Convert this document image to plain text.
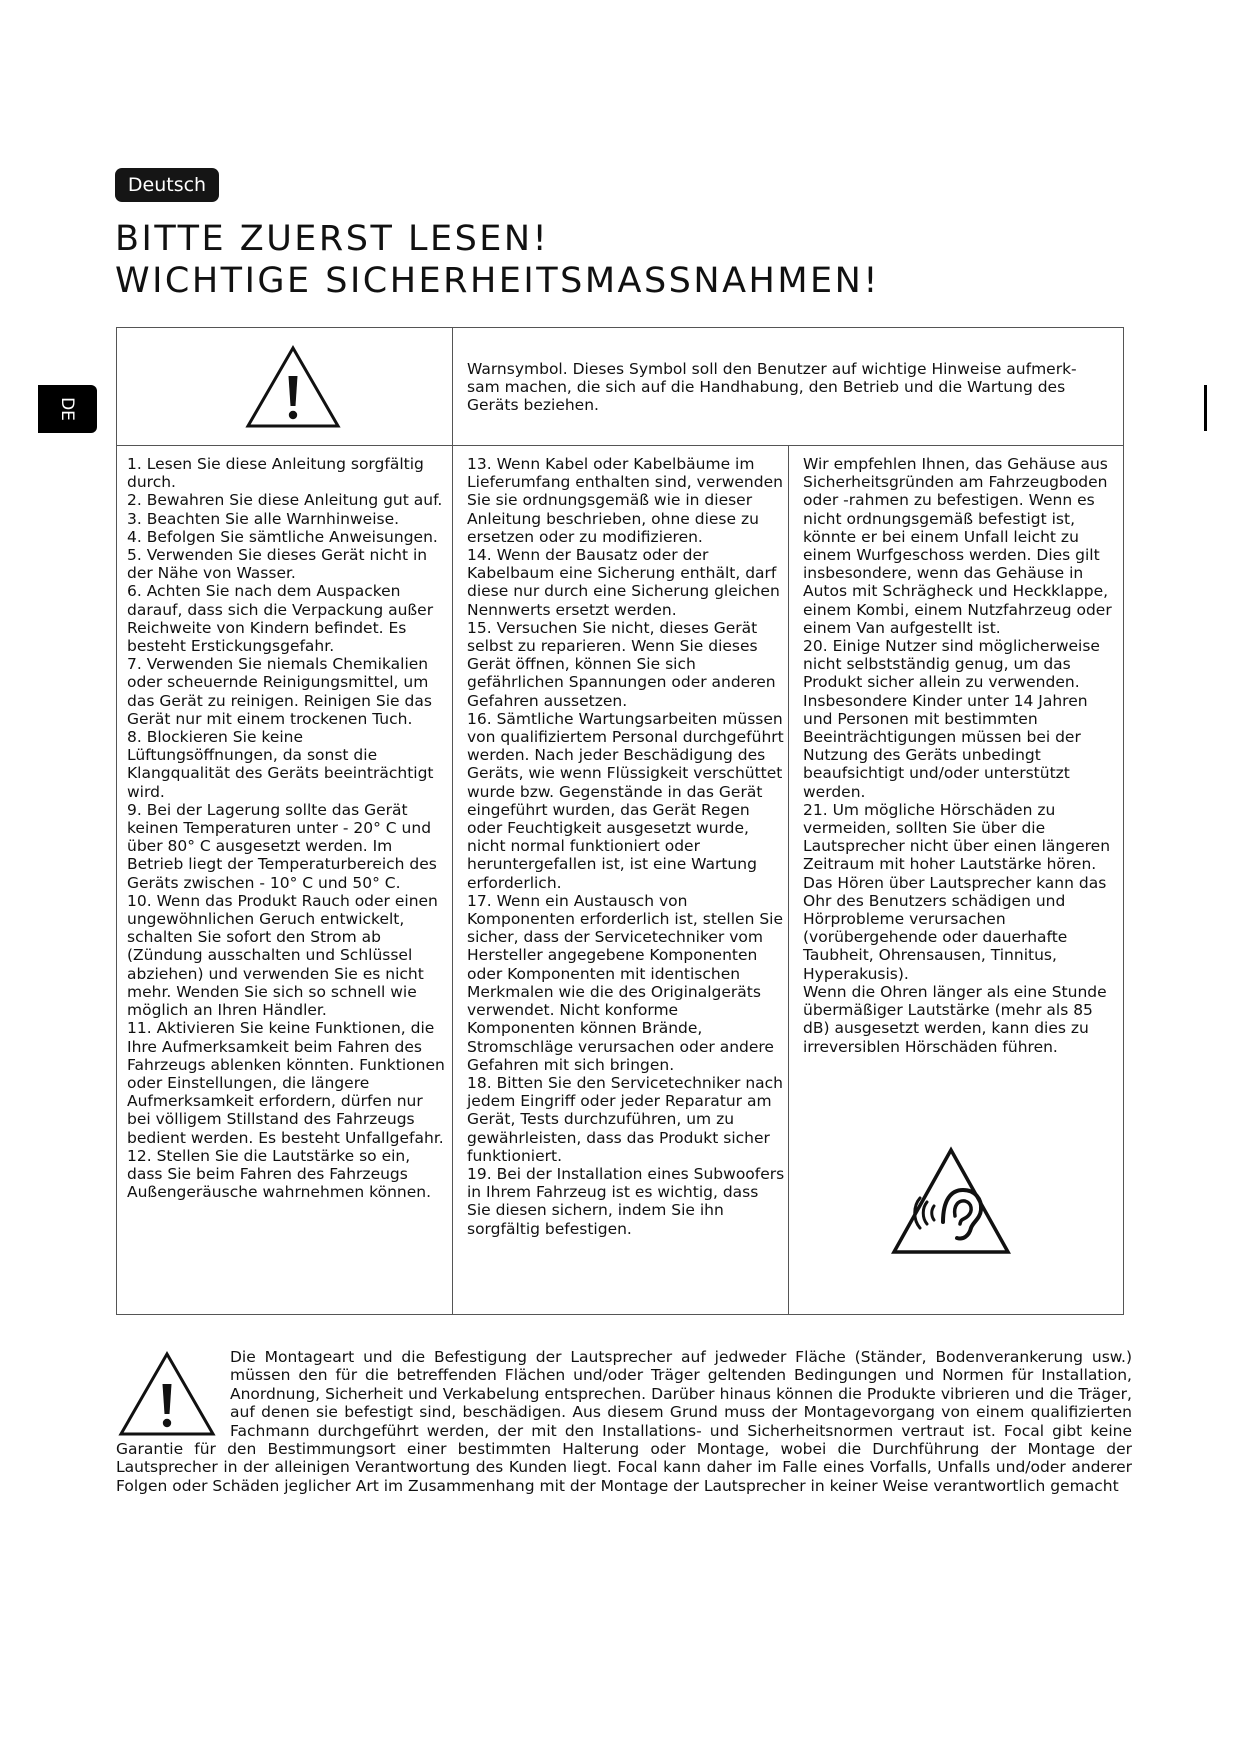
Deutsch
BITTE ZUERST LESEN!
WICHTIGE SICHERHEITSMASSNAHMEN!
DE

Warnsymbol. Dieses Symbol soll den Benutzer auf wichtige Hinweise aufmerk-sam machen, die sich auf die Handhabung, den Betrieb und die Wartung des Geräts beziehen.

1. Lesen Sie diese Anleitung sorgfältig durch.

2. Bewahren Sie diese Anleitung gut auf.

3. Beachten Sie alle Warnhinweise.

4. Befolgen Sie sämtliche Anweisungen.

5. Verwenden Sie dieses Gerät nicht in der Nähe von Wasser.

6. Achten Sie nach dem Auspacken darauf, dass sich die Verpackung außer Reichweite von Kindern befindet. Es besteht Erstickungsgefahr.

7. Verwenden Sie niemals Chemikalien oder scheuernde Reinigungsmittel, um das Gerät zu reinigen. Reinigen Sie das Gerät nur mit einem trockenen Tuch.

8. Blockieren Sie keine Lüftungsöffnungen, da sonst die Klangqualität des Geräts beeinträchtigt wird.

9. Bei der Lagerung sollte das Gerät keinen Temperaturen unter - 20° C und über 80° C ausgesetzt werden. Im Betrieb liegt der Temperaturbereich des Geräts zwischen - 10° C und 50° C.

10. Wenn das Produkt Rauch oder einen ungewöhnlichen Geruch entwickelt, schalten Sie sofort den Strom ab (Zündung ausschalten und Schlüssel abziehen) und verwenden Sie es nicht mehr. Wenden Sie sich so schnell wie möglich an Ihren Händler.

11. Aktivieren Sie keine Funktionen, die Ihre Aufmerksamkeit beim Fahren des Fahrzeugs ablenken könnten. Funktionen oder Einstellungen, die längere Aufmerksamkeit erfordern, dürfen nur bei völligem Stillstand des Fahrzeugs bedient werden. Es besteht Unfallgefahr.

12. Stellen Sie die Lautstärke so ein, dass Sie beim Fahren des Fahrzeugs Außengeräusche wahrnehmen können.

13. Wenn Kabel oder Kabelbäume im Lieferumfang enthalten sind, verwenden Sie sie ordnungsgemäß wie in dieser Anleitung beschrieben, ohne diese zu ersetzen oder zu modifizieren.

14. Wenn der Bausatz oder der Kabelbaum eine Sicherung enthält, darf diese nur durch eine Sicherung gleichen Nennwerts ersetzt werden.

15. Versuchen Sie nicht, dieses Gerät selbst zu reparieren. Wenn Sie dieses Gerät öffnen, können Sie sich gefährlichen Spannungen oder anderen Gefahren aussetzen.

16. Sämtliche Wartungsarbeiten müssen von qualifiziertem Personal durchgeführt werden. Nach jeder Beschädigung des Geräts, wie wenn Flüssigkeit verschüttet wurde bzw. Gegenstände in das Gerät eingeführt wurden, das Gerät Regen oder Feuchtigkeit ausgesetzt wurde, nicht normal funktioniert oder heruntergefallen ist, ist eine Wartung erforderlich.

17. Wenn ein Austausch von Komponenten erforderlich ist, stellen Sie sicher, dass der Servicetechniker vom Hersteller angegebene Komponenten oder Komponenten mit identischen Merkmalen wie die des Originalgeräts verwendet. Nicht konforme Komponenten können Brände, Stromschläge verursachen oder andere Gefahren mit sich bringen.

18. Bitten Sie den Servicetechniker nach jedem Eingriff oder jeder Reparatur am Gerät, Tests durchzuführen, um zu gewährleisten, dass das Produkt sicher funktioniert.

19. Bei der Installation eines Subwoofers in Ihrem Fahrzeug ist es wichtig, dass Sie diesen sichern, indem Sie ihn sorgfältig befestigen.

Wir empfehlen Ihnen, das Gehäuse aus Sicherheitsgründen am Fahrzeugboden oder -rahmen zu befestigen. Wenn es nicht ordnungsgemäß befestigt ist, könnte er bei einem Unfall leicht zu einem Wurfgeschoss werden. Dies gilt insbesondere, wenn das Gehäuse in Autos mit Schrägheck und Heckklappe, einem Kombi, einem Nutzfahrzeug oder einem Van aufgestellt ist.

20. Einige Nutzer sind möglicherweise nicht selbstständig genug, um das Produkt sicher allein zu verwenden. Insbesondere Kinder unter 14 Jahren und Personen mit bestimmten Beeinträchtigungen müssen bei der Nutzung des Geräts unbedingt beaufsichtigt und/oder unterstützt werden.

21. Um mögliche Hörschäden zu vermeiden, sollten Sie über die Lautsprecher nicht über einen längeren Zeitraum mit hoher Lautstärke hören. Das Hören über Lautsprecher kann das Ohr des Benutzers schädigen und Hörprobleme verursachen (vorübergehende oder dauerhafte Taubheit, Ohrensausen, Tinnitus, Hyperakusis).

Wenn die Ohren länger als eine Stunde übermäßiger Lautstärke (mehr als 85 dB) ausgesetzt werden, kann dies zu irreversiblen Hörschäden führen.

Die Montageart und die Befestigung der Lautsprecher auf jedweder Fläche (Ständer, Bodenverankerung usw.) müssen den für die betreffenden Flächen und/oder Träger geltenden Bedingungen und Normen für Installation, Anordnung, Sicherheit und Verkabelung entsprechen. Darüber hinaus können die Produkte vibrieren und die Träger, auf denen sie befestigt sind, beschädigen. Aus diesem Grund muss der Montagevorgang von einem qualifizierten Fachmann durchgeführt werden, der mit den Installations- und Sicherheitsnormen vertraut ist. Focal gibt keine Garantie für den Bestimmungsort einer bestimmten Halterung oder Montage, wobei die Durchführung der Montage der Lautsprecher in der alleinigen Verantwortung des Kunden liegt. Focal kann daher im Falle eines Vorfalls, Unfalls und/oder anderer Folgen oder Schäden jeglicher Art im Zusammenhang mit der Montage der Lautsprecher in keiner Weise verantwortlich gemacht
